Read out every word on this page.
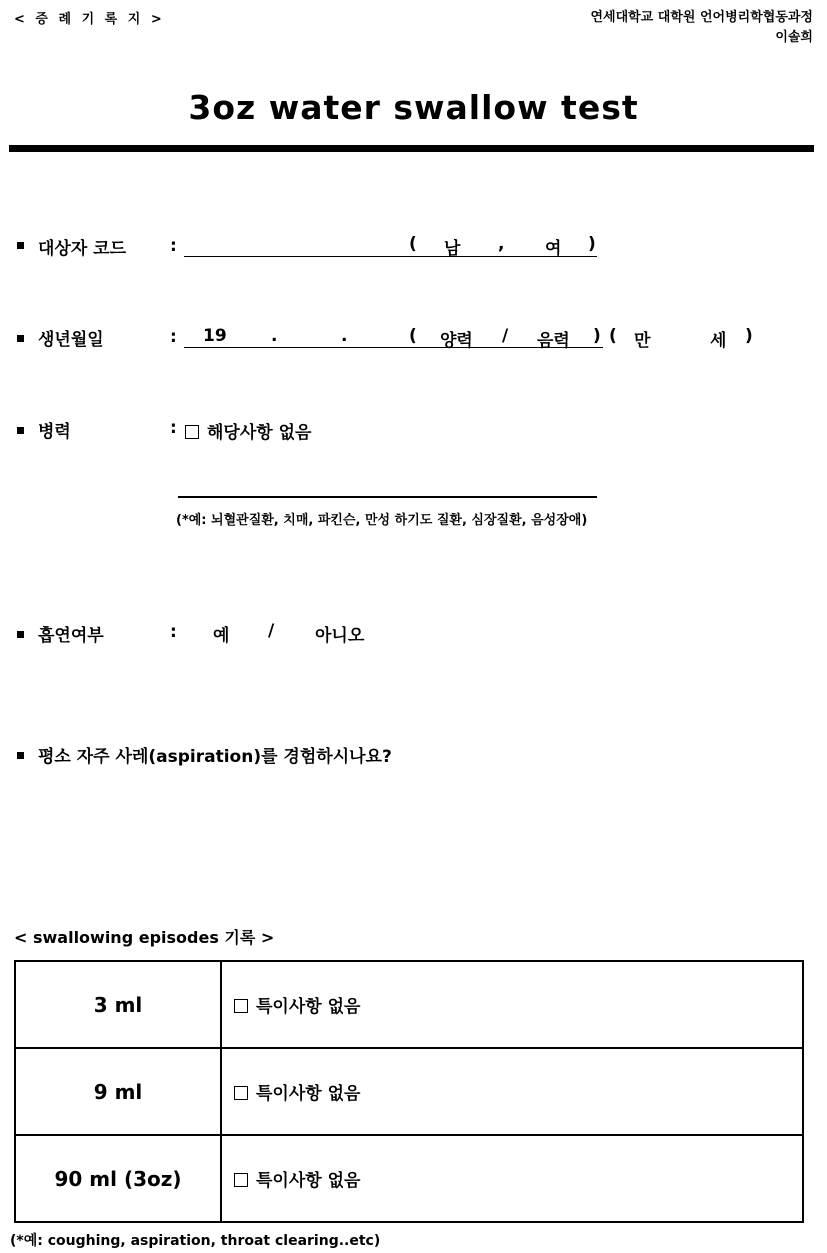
< 증 례 기 록 지 >	연세대학교 대학원 언어병리학협동과정
이솔희
3oz water swallow test
대상자 코드	:	( 남 , 여 )
생년월일	: 19	.	.	( 양력 / 음력 ) ( 만	세 )
병력	:	해당사항 없음
(*예: 뇌혈관질환, 치매, 파킨슨, 만성 하기도 질환, 심장질환, 음성장애)
흡연여부	: 예 / 아니오
평소 자주 사레(aspiration)를 경험하시나요?
< swallowing episodes 기록 >
3 ml	특이사항 없음
9 ml	특이사항 없음
90 ml (3oz)	특이사항 없음
(*예: coughing, aspiration, throat clearing..etc)
